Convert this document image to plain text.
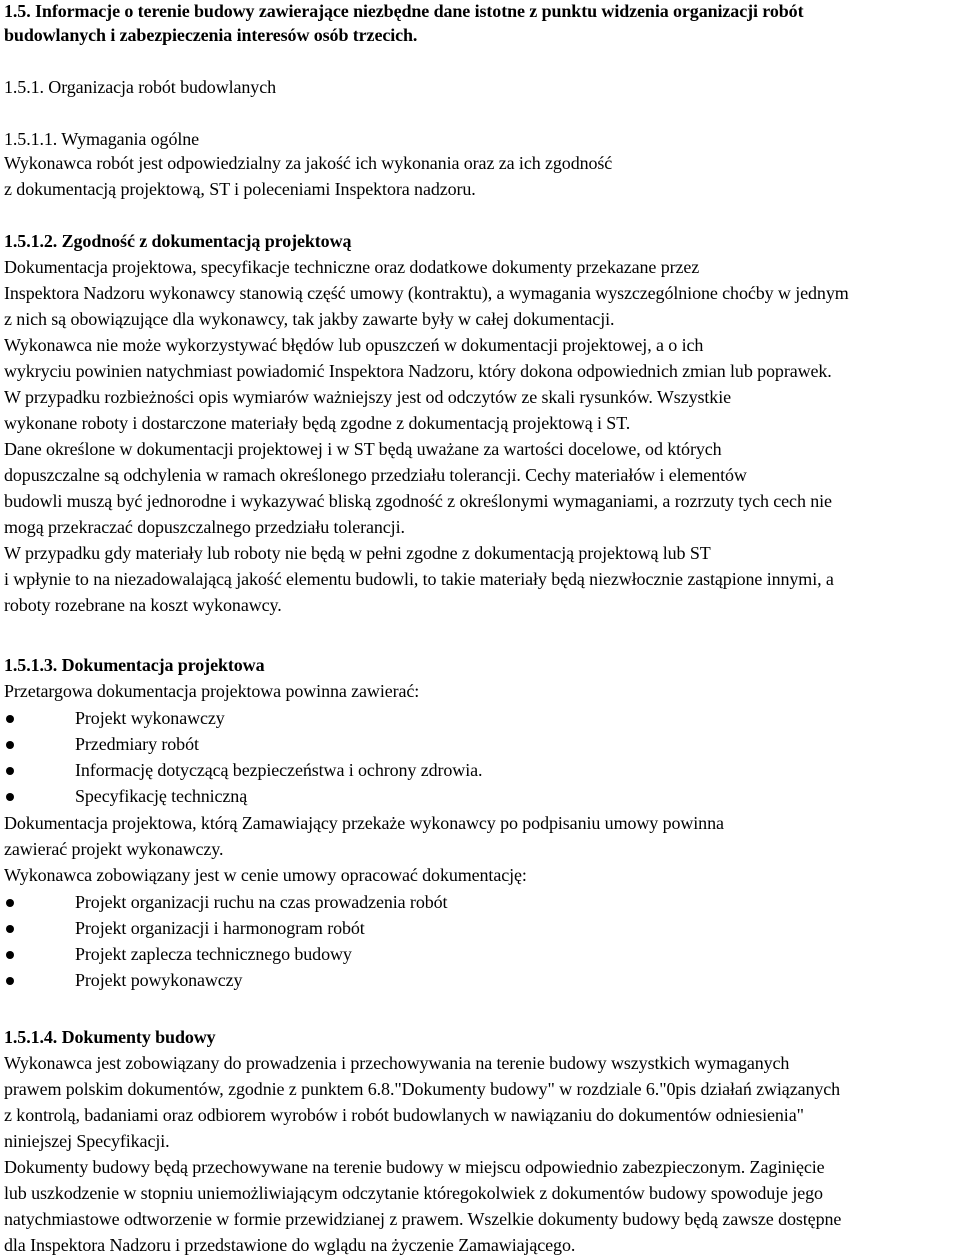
1.5. Informacje o terenie budowy zawierające niezbędne dane istotne z punktu widzenia organizacji robót
budowlanych i zabezpieczenia interesów osób trzecich.
1.5.1. Organizacja robót budowlanych
1.5.1.1. Wymagania ogólne
Wykonawca robót jest odpowiedzialny za jakość ich wykonania oraz za ich zgodność
z dokumentacją projektową, ST i poleceniami Inspektora nadzoru.
1.5.1.2. Zgodność z dokumentacją projektową
Dokumentacja projektowa, specyfikacje techniczne oraz dodatkowe dokumenty przekazane przez
Inspektora Nadzoru wykonawcy stanowią część umowy (kontraktu), a wymagania wyszczególnione choćby w jednym
z nich są obowiązujące dla wykonawcy, tak jakby zawarte były w całej dokumentacji.
Wykonawca nie może wykorzystywać błędów lub opuszczeń w dokumentacji projektowej, a o ich
wykryciu powinien natychmiast powiadomić Inspektora Nadzoru, który dokona odpowiednich zmian lub poprawek.
W przypadku rozbieżności opis wymiarów ważniejszy jest od odczytów ze skali rysunków. Wszystkie
wykonane roboty i dostarczone materiały będą zgodne z dokumentacją projektową i ST.
Dane określone w dokumentacji projektowej i w ST będą uważane za wartości docelowe, od których
dopuszczalne są odchylenia w ramach określonego przedziału tolerancji. Cechy materiałów i elementów
budowli muszą być jednorodne i wykazywać bliską zgodność z określonymi wymaganiami, a rozrzuty tych cech nie
mogą przekraczać dopuszczalnego przedziału tolerancji.
W przypadku gdy materiały lub roboty nie będą w pełni zgodne z dokumentacją projektową lub ST
i wpłynie to na niezadowalającą jakość elementu budowli, to takie materiały będą niezwłocznie zastąpione innymi, a
roboty rozebrane na koszt wykonawcy.
1.5.1.3. Dokumentacja projektowa
Przetargowa dokumentacja projektowa powinna zawierać:
Projekt wykonawczy
Przedmiary robót
Informację dotyczącą bezpieczeństwa i ochrony zdrowia.
Specyfikację techniczną
Dokumentacja projektowa, którą Zamawiający przekaże wykonawcy po podpisaniu umowy powinna
zawierać projekt wykonawczy.
Wykonawca zobowiązany jest w cenie umowy opracować dokumentację:
Projekt organizacji ruchu na czas prowadzenia robót
Projekt organizacji i harmonogram robót
Projekt zaplecza technicznego budowy
Projekt powykonawczy
1.5.1.4. Dokumenty budowy
Wykonawca jest zobowiązany do prowadzenia i przechowywania na terenie budowy wszystkich wymaganych
prawem polskim dokumentów, zgodnie z punktem 6.8."Dokumenty budowy" w rozdziale 6."0pis działań związanych
z kontrolą, badaniami oraz odbiorem wyrobów i robót budowlanych w nawiązaniu do dokumentów odniesienia"
niniejszej Specyfikacji.
Dokumenty budowy będą przechowywane na terenie budowy w miejscu odpowiednio zabezpieczonym. Zaginięcie
lub uszkodzenie w stopniu uniemożliwiającym odczytanie któregokolwiek z dokumentów budowy spowoduje jego
natychmiastowe odtworzenie w formie przewidzianej z prawem. Wszelkie dokumenty budowy będą zawsze dostępne
dla Inspektora Nadzoru i przedstawione do wglądu na życzenie Zamawiającego.
